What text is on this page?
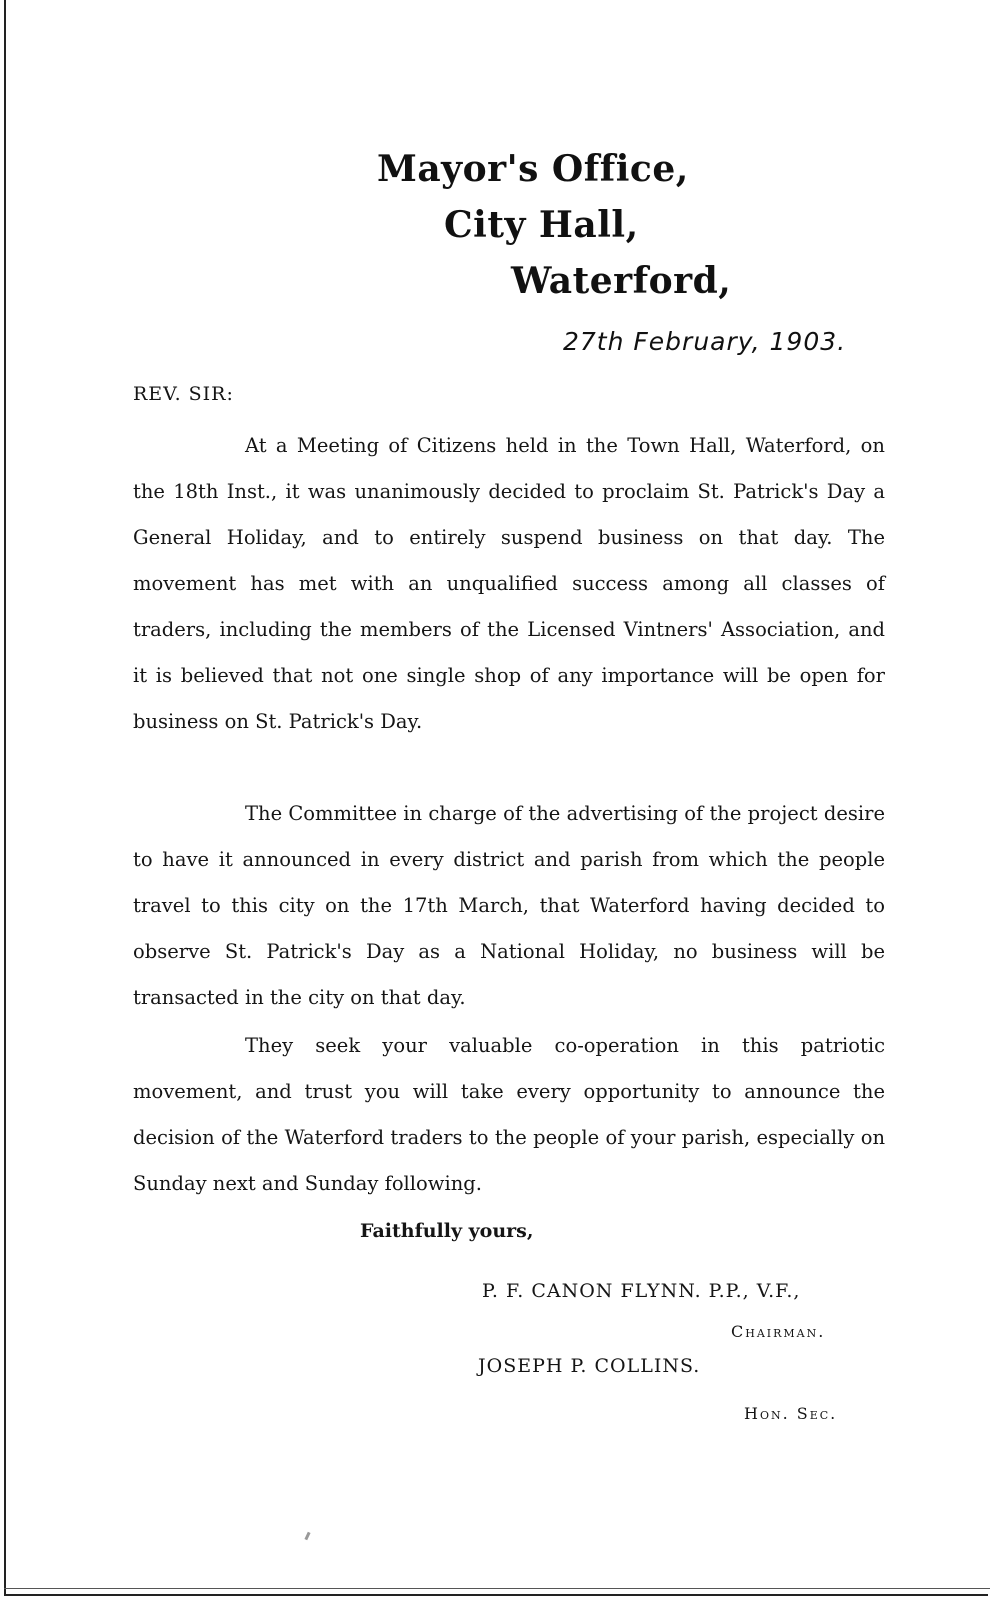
Mayor's Office,
City Hall,
Waterford,
27th February, 1903.
REV. SIR:

At a Meeting of Citizens held in the Town Hall, Waterford, on the 18th Inst., it was unanimously decided to proclaim St. Patrick's Day a General Holiday, and to entirely suspend business on that day. The movement has met with an unqualified success among all classes of traders, including the members of the Licensed Vintners' Association, and it is believed that not one single shop of any importance will be open for business on St. Patrick's Day.

The Committee in charge of the advertising of the project desire to have it announced in every district and parish from which the people travel to this city on the 17th March, that Waterford having decided to observe St. Patrick's Day as a National Holiday, no business will be transacted in the city on that day.

They seek your valuable co-operation in this patriotic movement, and trust you will take every opportunity to announce the decision of the Waterford traders to the people of your parish, especially on Sunday next and Sunday following.

Faithfully yours,
P. F. CANON FLYNN. P.P., V.F.,
Chairman.
JOSEPH P. COLLINS.
Hon. Sec.
